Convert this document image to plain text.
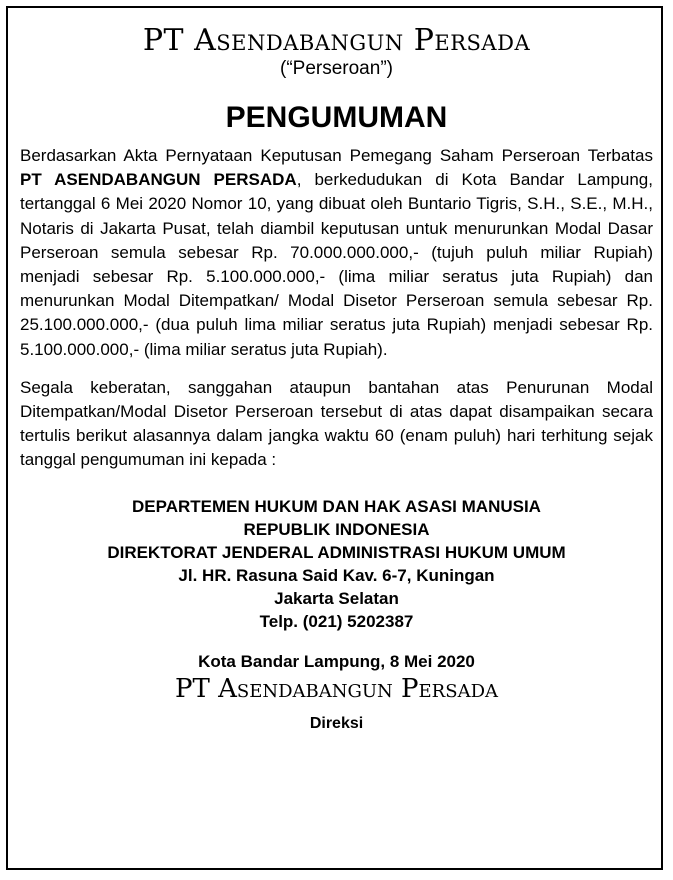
PT Asendabangun Persada
(“Perseroan”)
PENGUMUMAN

Berdasarkan Akta Pernyataan Keputusan Pemegang Saham Perseroan Terbatas PT ASENDABANGUN PERSADA, berkedudukan di Kota Bandar Lampung, tertanggal 6 Mei 2020 Nomor 10, yang dibuat oleh Buntario Tigris, S.H., S.E., M.H., Notaris di Jakarta Pusat, telah diambil keputusan untuk menurunkan Modal Dasar Perseroan semula sebesar Rp. 70.000.000.000,- (tujuh puluh miliar Rupiah) menjadi sebesar Rp. 5.100.000.000,- (lima miliar seratus juta Rupiah) dan menurunkan Modal Ditempatkan/ Modal Disetor Perseroan semula sebesar Rp. 25.100.000.000,- (dua puluh lima miliar seratus juta Rupiah) menjadi sebesar Rp. 5.100.000.000,- (lima miliar seratus juta Rupiah).

Segala keberatan, sanggahan ataupun bantahan atas Penurunan Modal Ditempatkan/Modal Disetor Perseroan tersebut di atas dapat disampaikan secara tertulis berikut alasannya dalam jangka waktu 60 (enam puluh) hari terhitung sejak tanggal pengumuman ini kepada :

DEPARTEMEN HUKUM DAN HAK ASASI MANUSIA
REPUBLIK INDONESIA
DIREKTORAT JENDERAL ADMINISTRASI HUKUM UMUM
Jl. HR. Rasuna Said Kav. 6-7, Kuningan
Jakarta Selatan
Telp. (021) 5202387
Kota Bandar Lampung, 8 Mei 2020
PT Asendabangun Persada
Direksi
